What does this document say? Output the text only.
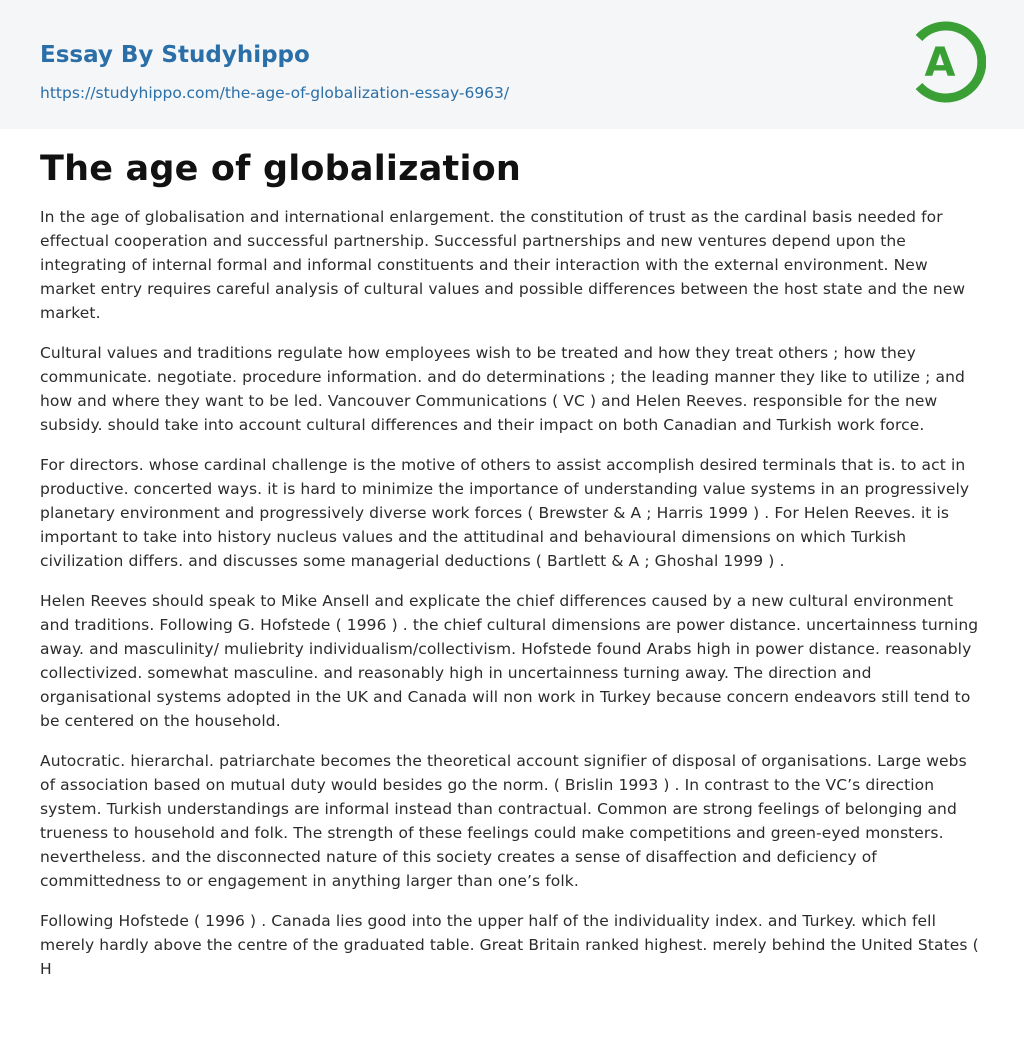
Essay By Studyhippo
https://studyhippo.com/the-age-of-globalization-essay-6963/
A
The age of globalization

In the age of globalisation and international enlargement. the constitution of trust as the cardinal basis needed for effectual cooperation and successful partnership. Successful partnerships and new ventures depend upon the integrating of internal formal and informal constituents and their interaction with the external environment. New market entry requires careful analysis of cultural values and possible differences between the host state and the new market.

Cultural values and traditions regulate how employees wish to be treated and how they treat others ; how they communicate. negotiate. procedure information. and do determinations ; the leading manner they like to utilize ; and how and where they want to be led. Vancouver Communications ( VC ) and Helen Reeves. responsible for the new subsidy. should take into account cultural differences and their impact on both Canadian and Turkish work force.

For directors. whose cardinal challenge is the motive of others to assist accomplish desired terminals that is. to act in productive. concerted ways. it is hard to minimize the importance of understanding value systems in an progressively planetary environment and progressively diverse work forces ( Brewster & A ; Harris 1999 ) . For Helen Reeves. it is important to take into history nucleus values and the attitudinal and behavioural dimensions on which Turkish civilization differs. and discusses some managerial deductions ( Bartlett & A ; Ghoshal 1999 ) .

Helen Reeves should speak to Mike Ansell and explicate the chief differences caused by a new cultural environment and traditions. Following G. Hofstede ( 1996 ) . the chief cultural dimensions are power distance. uncertainness turning away. and masculinity/ muliebrity individualism/collectivism. Hofstede found Arabs high in power distance. reasonably collectivized. somewhat masculine. and reasonably high in uncertainness turning away. The direction and organisational systems adopted in the UK and Canada will non work in Turkey because concern endeavors still tend to be centered on the household.

Autocratic. hierarchal. patriarchate becomes the theoretical account signifier of disposal of organisations. Large webs of association based on mutual duty would besides go the norm. ( Brislin 1993 ) . In contrast to the VC’s direction system. Turkish understandings are informal instead than contractual. Common are strong feelings of belonging and trueness to household and folk. The strength of these feelings could make competitions and green-eyed monsters. nevertheless. and the disconnected nature of this society creates a sense of disaffection and deficiency of committedness to or engagement in anything larger than one’s folk.

Following Hofstede ( 1996 ) . Canada lies good into the upper half of the individuality index. and Turkey. which fell merely hardly above the centre of the graduated table. Great Britain ranked highest. merely behind the United States ( H
